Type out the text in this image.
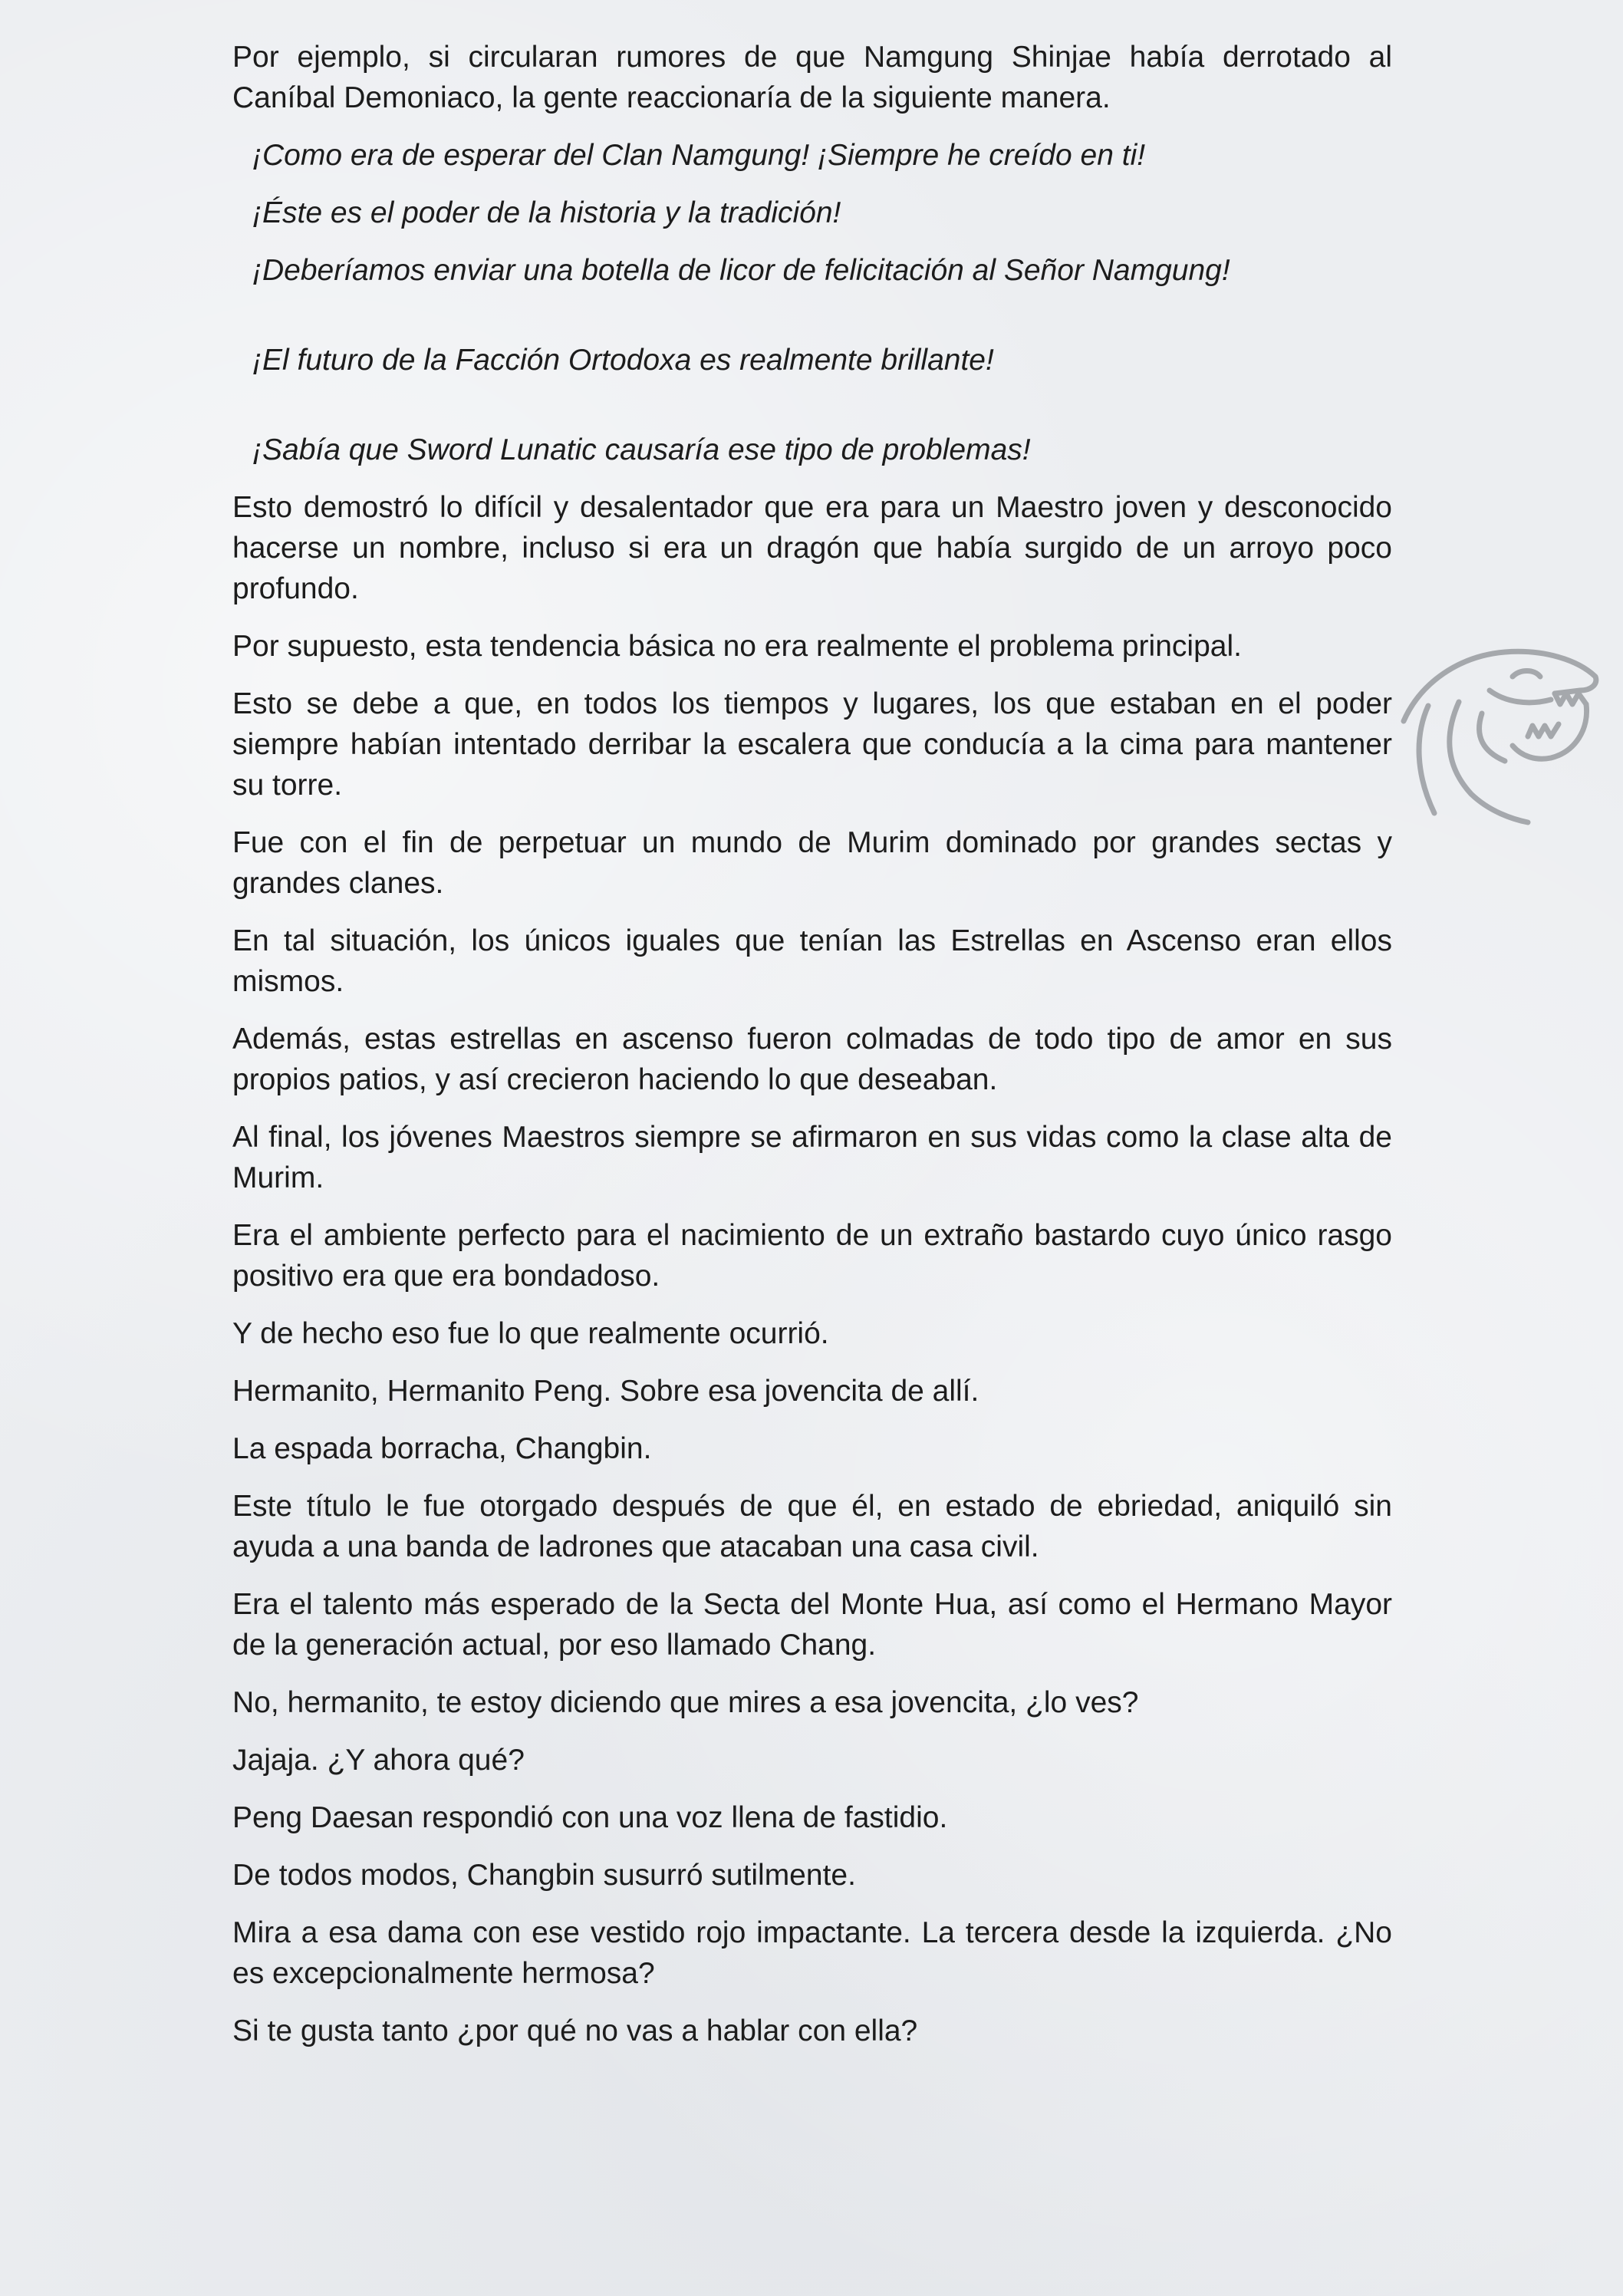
Por ejemplo, si circularan rumores de que Namgung Shinjae había derrotado al Caníbal Demoniaco, la gente reaccionaría de la siguiente manera.

¡Como era de esperar del Clan Namgung! ¡Siempre he creído en ti!

¡Éste es el poder de la historia y la tradición!

¡Deberíamos enviar una botella de licor de felicitación al Señor Namgung!

¡El futuro de la Facción Ortodoxa es realmente brillante!

¡Sabía que Sword Lunatic causaría ese tipo de problemas!

Esto demostró lo difícil y desalentador que era para un Maestro joven y desconocido hacerse un nombre, incluso si era un dragón que había surgido de un arroyo poco profundo.

Por supuesto, esta tendencia básica no era realmente el problema principal.

Esto se debe a que, en todos los tiempos y lugares, los que estaban en el poder siempre habían intentado derribar la escalera que conducía a la cima para mantener su torre.

Fue con el fin de perpetuar un mundo de Murim dominado por grandes sectas y grandes clanes.

En tal situación, los únicos iguales que tenían las Estrellas en Ascenso eran ellos mismos.

Además, estas estrellas en ascenso fueron colmadas de todo tipo de amor en sus propios patios, y así crecieron haciendo lo que deseaban.

Al final, los jóvenes Maestros siempre se afirmaron en sus vidas como la clase alta de Murim.

Era el ambiente perfecto para el nacimiento de un extraño bastardo cuyo único rasgo positivo era que era bondadoso.

Y de hecho eso fue lo que realmente ocurrió.

Hermanito, Hermanito Peng. Sobre esa jovencita de allí.

La espada borracha, Changbin.

Este título le fue otorgado después de que él, en estado de ebriedad, aniquiló sin ayuda a una banda de ladrones que atacaban una casa civil.

Era el talento más esperado de la Secta del Monte Hua, así como el Hermano Mayor de la generación actual, por eso llamado Chang.

No, hermanito, te estoy diciendo que mires a esa jovencita, ¿lo ves?

Jajaja. ¿Y ahora qué?

Peng Daesan respondió con una voz llena de fastidio.

De todos modos, Changbin susurró sutilmente.

Mira a esa dama con ese vestido rojo impactante. La tercera desde la izquierda. ¿No es excepcionalmente hermosa?

Si te gusta tanto ¿por qué no vas a hablar con ella?
